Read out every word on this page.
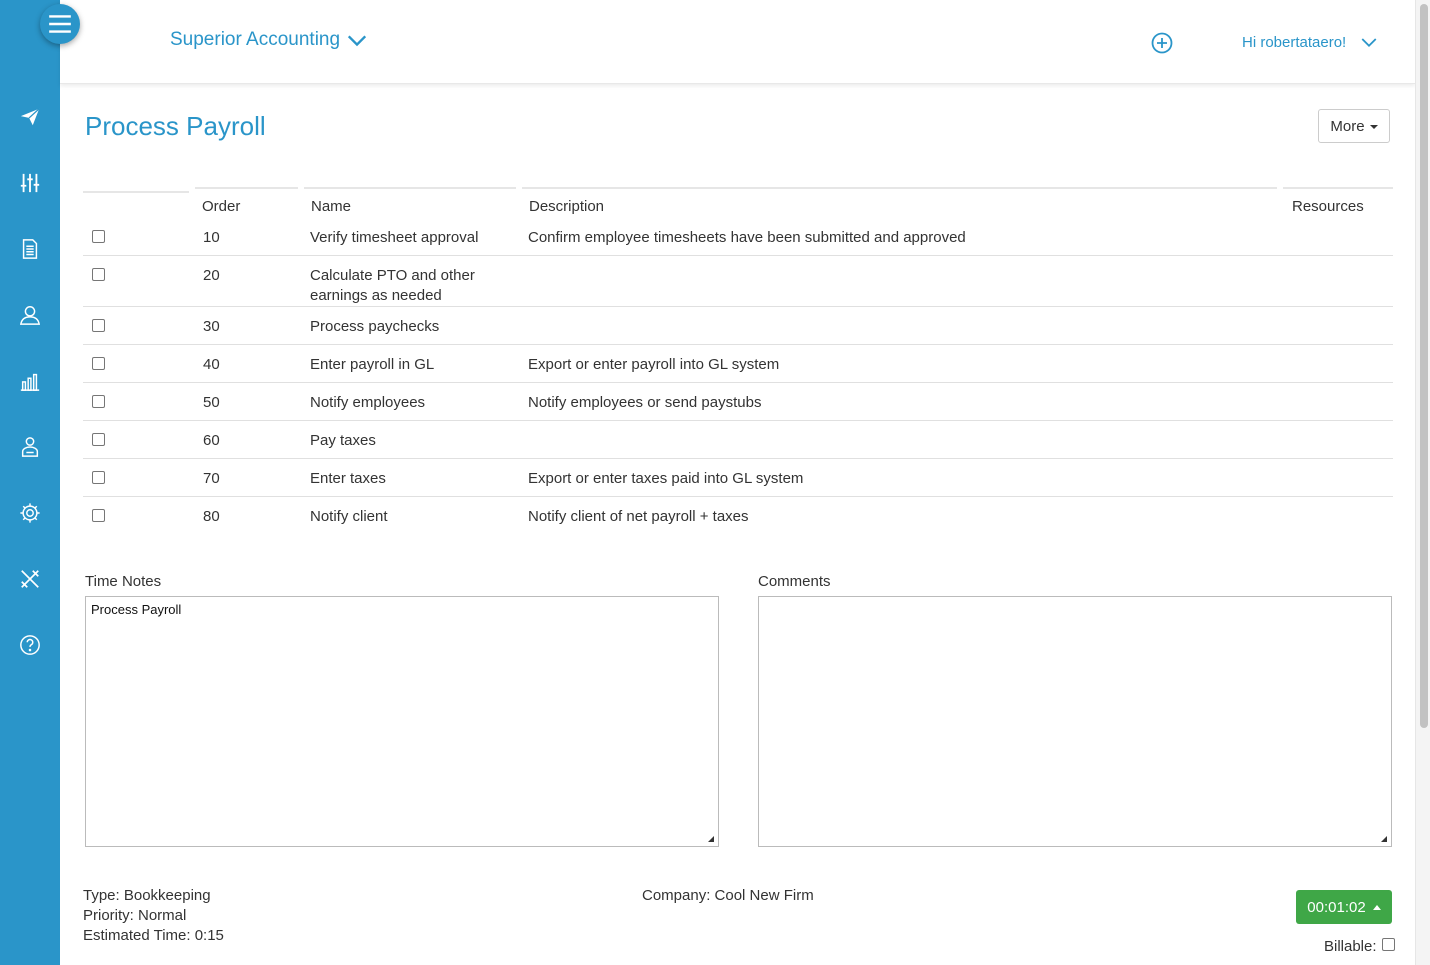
Superior Accounting	Hi robertataero!
Process Payroll	More

	Order	Name	Description	Resources

	10	Verify timesheet approval	Confirm employee timesheets have been submitted and approved	
	20	Calculate PTO and other earnings as needed		
	30	Process paychecks		
	40	Enter payroll in GL	Export or enter payroll into GL system	
	50	Notify employees	Notify employees or send paystubs	
	60	Pay taxes		
	70	Enter taxes	Export or enter taxes paid into GL system	
	80	Notify client	Notify client of net payroll + taxes	
Time Notes
Process Payroll
Comments
Type: Bookkeeping
Priority: Normal
Estimated Time: 0:15
Company: Cool New Firm
00:01:02
Billable:
